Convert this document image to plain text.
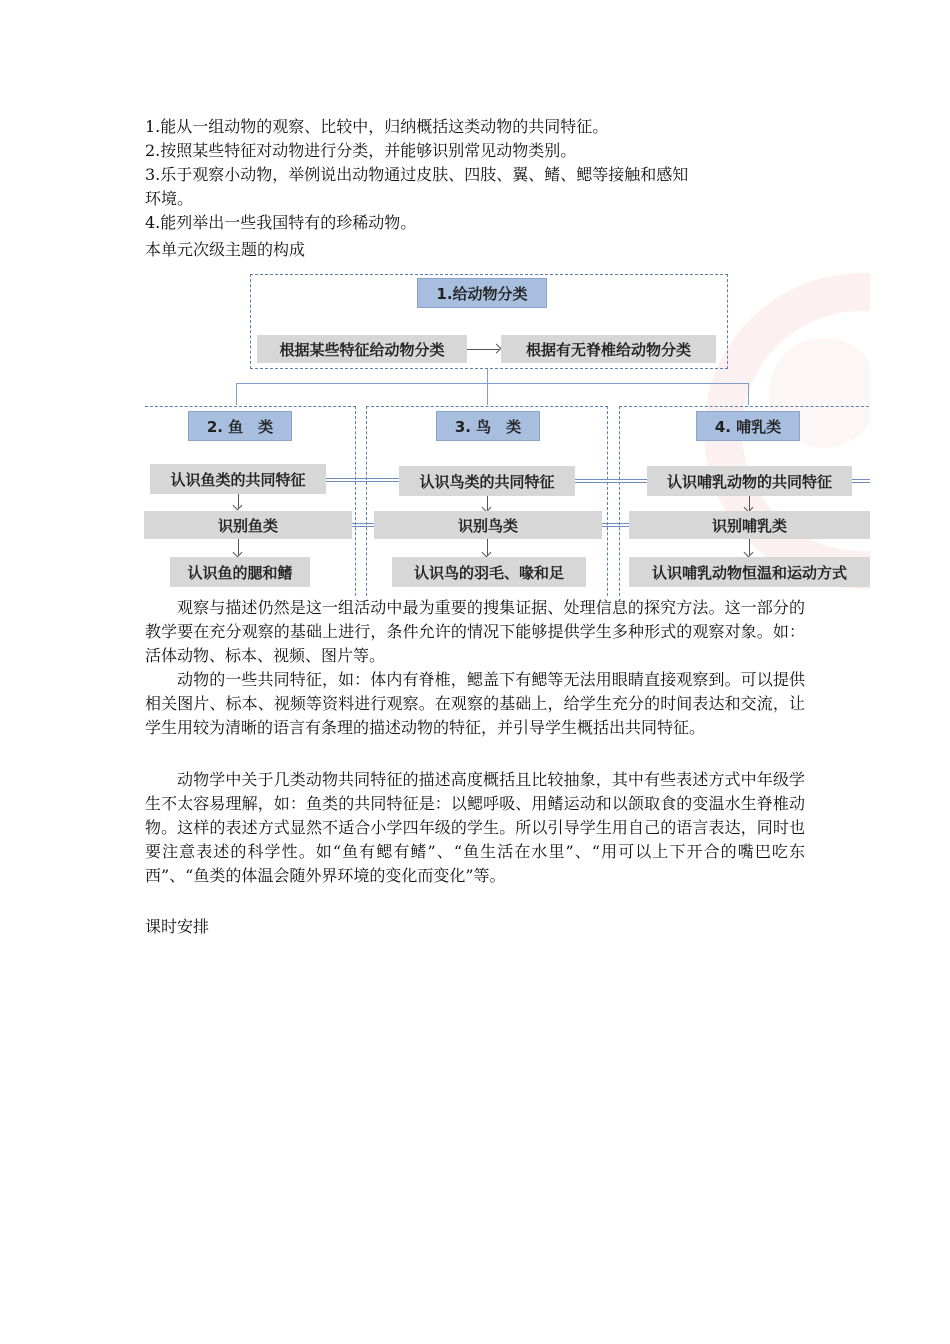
1.能从一组动物的观察、比较中，归纳概括这类动物的共同特征。
2.按照某些特征对动物进行分类，并能够识别常见动物类别。
3.乐于观察小动物，举例说出动物通过皮肤、四肢、翼、鳍、鳃等接触和感知
环境。
4.能列举出一些我国特有的珍稀动物。
本单元次级主题的构成
1.给动物分类
根据某些特征给动物分类	根据有无脊椎给动物分类
2. 鱼　类	3. 鸟　类	4. 哺乳类
认识鱼类的共同特征	认识鸟类的共同特征	认识哺乳动物的共同特征
识别鱼类	识别鸟类	识别哺乳类
认识鱼的腮和鳍	认识鸟的羽毛、喙和足	认识哺乳动物恒温和运动方式
观察与描述仍然是这一组活动中最为重要的搜集证据、处理信息的探究方法。这一部分的教学要在充分观察的基础上进行，条件允许的情况下能够提供学生多种形式的观察对象。如：活体动物、标本、视频、图片等。
动物的一些共同特征，如：体内有脊椎，鳃盖下有鳃等无法用眼睛直接观察到。可以提供相关图片、标本、视频等资料进行观察。在观察的基础上，给学生充分的时间表达和交流，让学生用较为清晰的语言有条理的描述动物的特征，并引导学生概括出共同特征。
动物学中关于几类动物共同特征的描述高度概括且比较抽象，其中有些表述方式中年级学生不太容易理解，如：鱼类的共同特征是：以鳃呼吸、用鳍运动和以颌取食的变温水生脊椎动物。这样的表述方式显然不适合小学四年级的学生。所以引导学生用自己的语言表达，同时也要注意表述的科学性。如“鱼有鳃有鳍”、“鱼生活在水里”、“用可以上下开合的嘴巴吃东西”、“鱼类的体温会随外界环境的变化而变化”等。
课时安排
